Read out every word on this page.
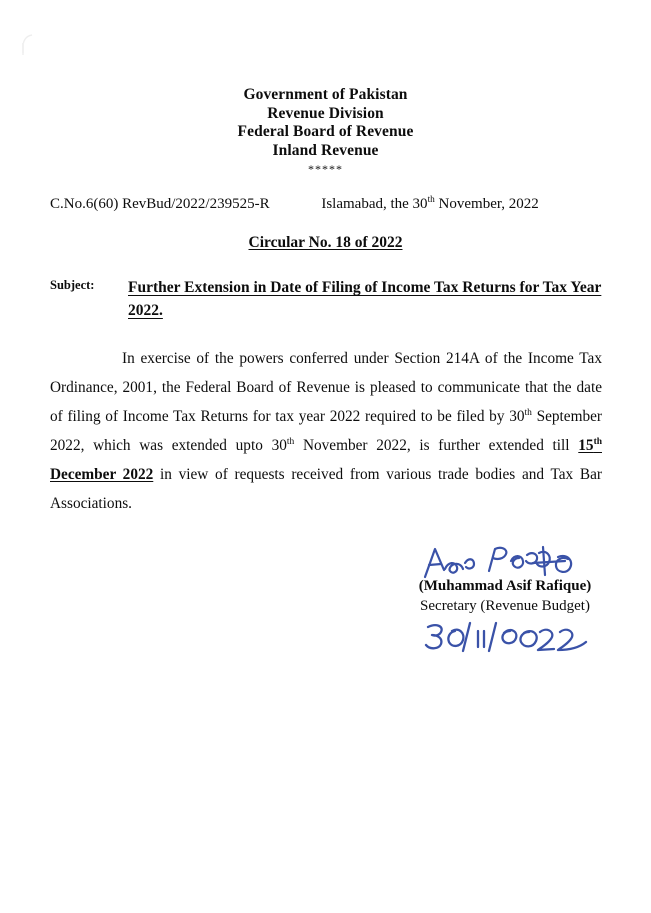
Government of Pakistan
Revenue Division
Federal Board of Revenue
Inland Revenue
*****
C.No.6(60) RevBud/2022/239525-R	Islamabad, the 30th November, 2022
Circular No. 18 of 2022
Subject:	Further Extension in Date of Filing of Income Tax Returns for Tax Year 2022.
In exercise of the powers conferred under Section 214A of the Income Tax Ordinance, 2001, the Federal Board of Revenue is pleased to communicate that the date of filing of Income Tax Returns for tax year 2022 required to be filed by 30th September 2022, which was extended upto 30th November 2022, is further extended till 15th December 2022 in view of requests received from various trade bodies and Tax Bar Associations.
(Muhammad Asif Rafique)
Secretary (Revenue Budget)
